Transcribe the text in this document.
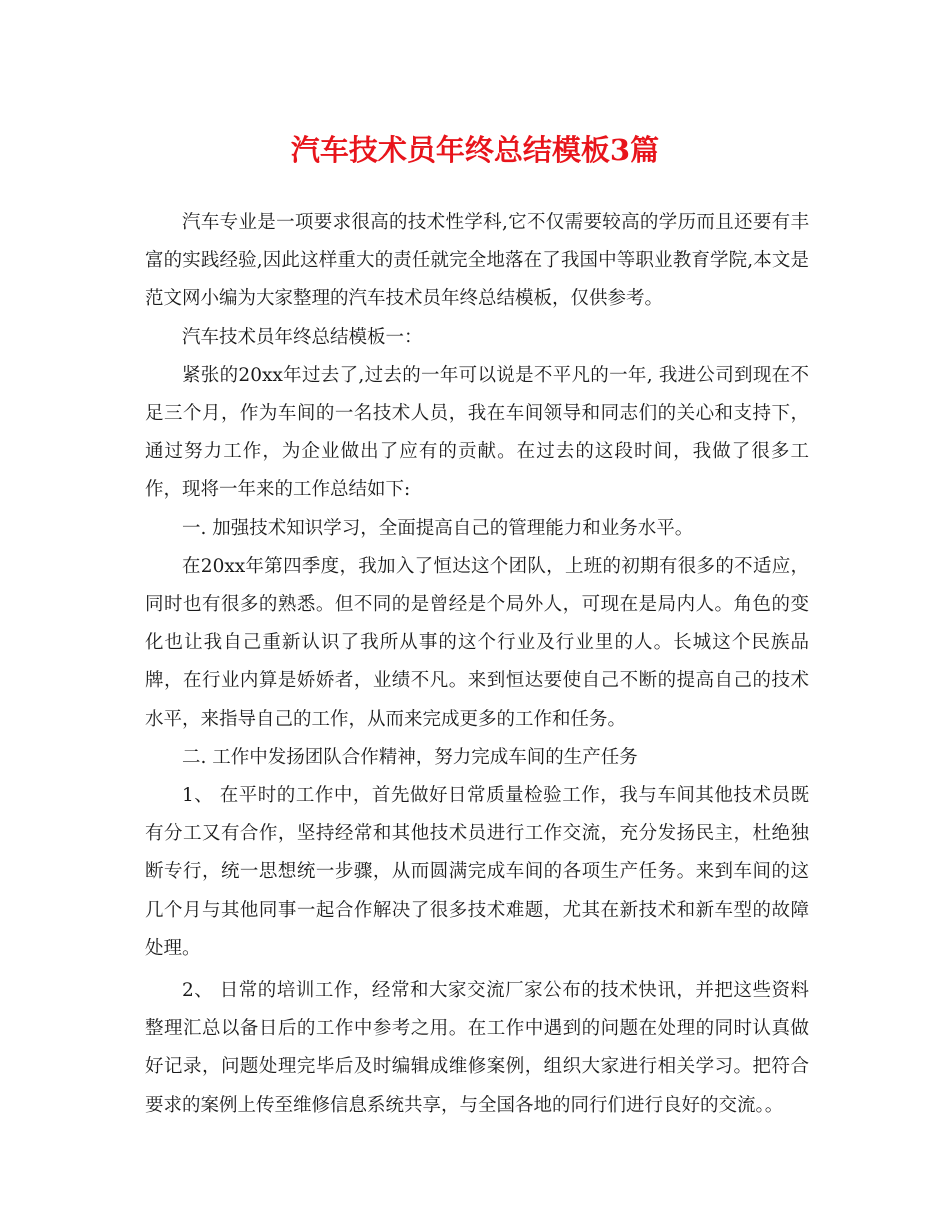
汽车技术员年终总结模板3篇

汽车专业是一项要求很高的技术性学科,它不仅需要较高的学历而且还要有丰富的实践经验,因此这样重大的责任就完全地落在了我国中等职业教育学院,本文是范文网小编为大家整理的汽车技术员年终总结模板，仅供参考。

汽车技术员年终总结模板一：

紧张的20xx年过去了,过去的一年可以说是不平凡的一年, 我进公司到现在不足三个月，作为车间的一名技术人员，我在车间领导和同志们的关心和支持下，通过努力工作，为企业做出了应有的贡献。在过去的这段时间，我做了很多工作，现将一年来的工作总结如下:

一. 加强技术知识学习，全面提高自己的管理能力和业务水平。

在20xx年第四季度，我加入了恒达这个团队，上班的初期有很多的不适应，同时也有很多的熟悉。但不同的是曾经是个局外人，可现在是局内人。角色的变化也让我自己重新认识了我所从事的这个行业及行业里的人。长城这个民族品牌，在行业内算是娇娇者，业绩不凡。来到恒达要使自己不断的提高自己的技术水平，来指导自己的工作，从而来完成更多的工作和任务。

二. 工作中发扬团队合作精神，努力完成车间的生产任务

1、 在平时的工作中，首先做好日常质量检验工作，我与车间其他技术员既有分工又有合作，坚持经常和其他技术员进行工作交流，充分发扬民主，杜绝独断专行，统一思想统一步骤，从而圆满完成车间的各项生产任务。来到车间的这几个月与其他同事一起合作解决了很多技术难题，尤其在新技术和新车型的故障处理。

2、 日常的培训工作，经常和大家交流厂家公布的技术快讯，并把这些资料整理汇总以备日后的工作中参考之用。在工作中遇到的问题在处理的同时认真做好记录，问题处理完毕后及时编辑成维修案例，组织大家进行相关学习。把符合要求的案例上传至维修信息系统共享，与全国各地的同行们进行良好的交流。。
